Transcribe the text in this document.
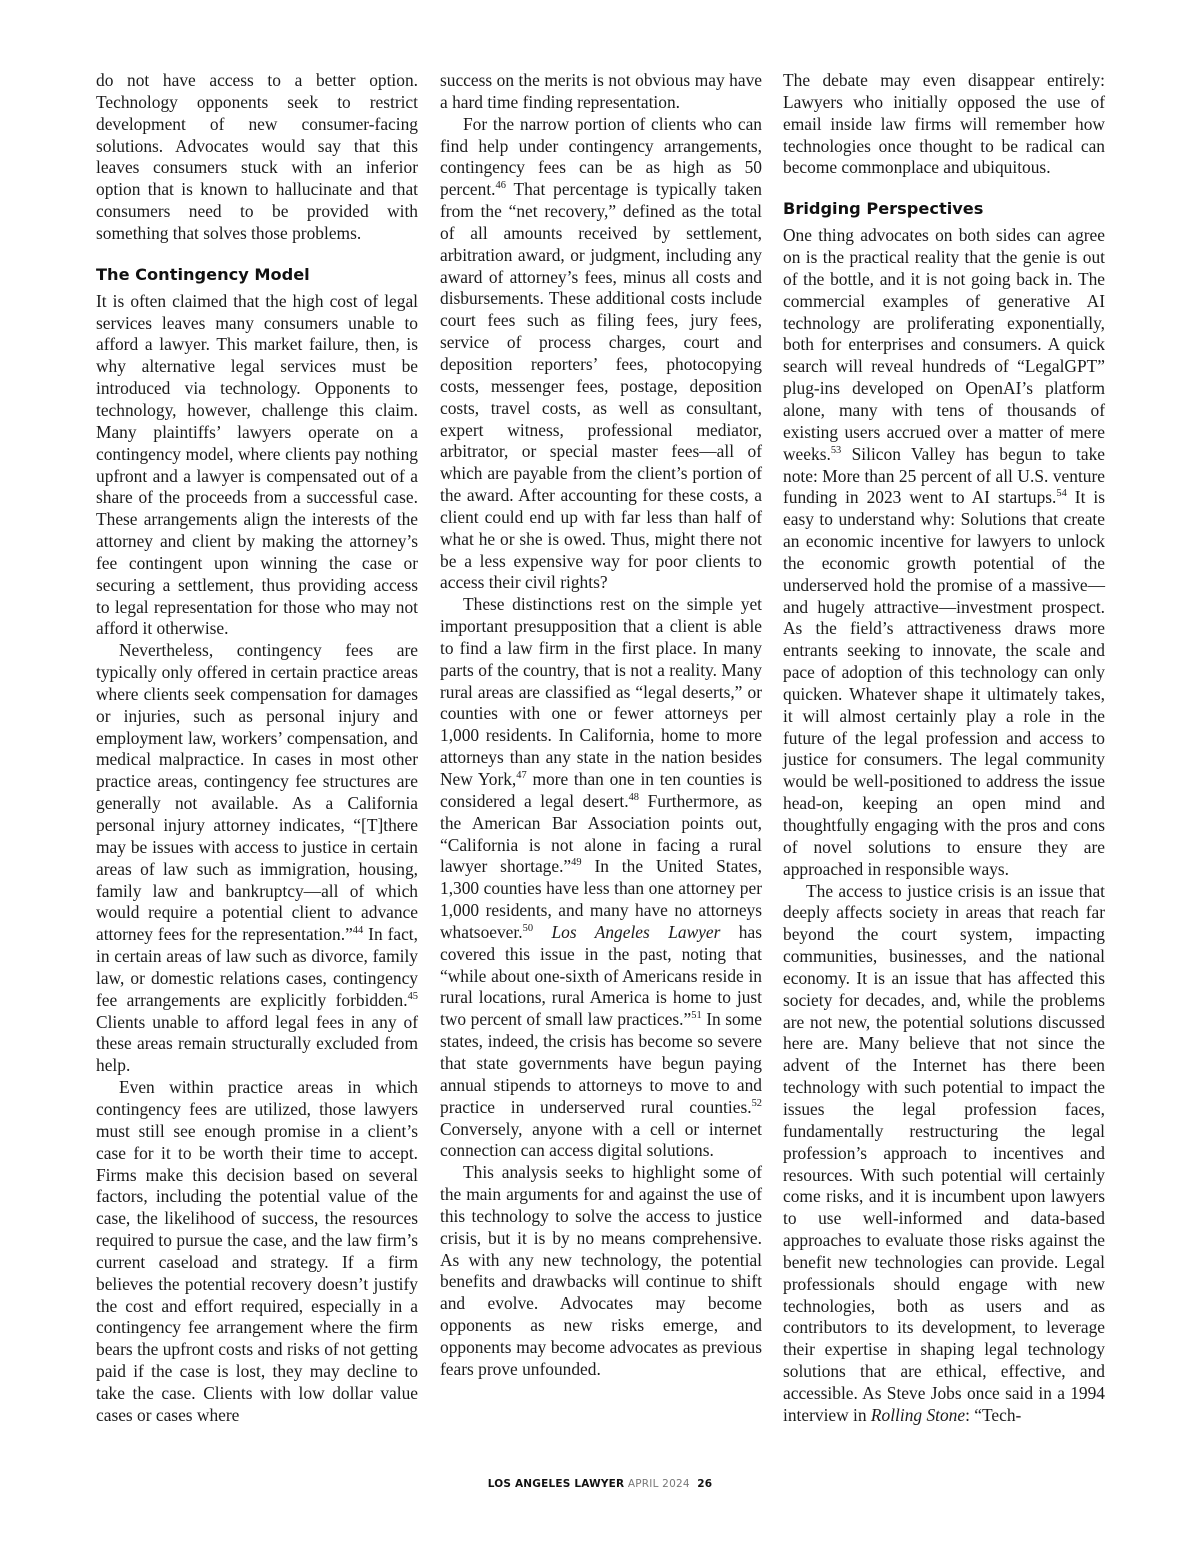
do not have access to a better option. Technology opponents seek to restrict development of new consumer-facing solutions. Advocates would say that this leaves consumers stuck with an inferior option that is known to hallucinate and that consumers need to be provided with something that solves those problems.

The Contingency Model

It is often claimed that the high cost of legal services leaves many consumers unable to afford a lawyer. This market failure, then, is why alternative legal services must be introduced via technology. Opponents to technology, however, challenge this claim. Many plaintiffs’ lawyers operate on a contingency model, where clients pay nothing upfront and a lawyer is compensated out of a share of the proceeds from a successful case. These arrangements align the interests of the attorney and client by making the attorney’s fee contingent upon winning the case or securing a settlement, thus providing access to legal representation for those who may not afford it otherwise.

Nevertheless, contingency fees are typically only offered in certain practice areas where clients seek compensation for damages or injuries, such as personal injury and employment law, workers’ compensation, and medical malpractice. In cases in most other practice areas, contingency fee structures are generally not available. As a California personal injury attorney indicates, “[T]there may be issues with access to justice in certain areas of law such as immigration, housing, family law and bankruptcy—all of which would require a potential client to advance attorney fees for the representation.”$^{44}$ In fact, in certain areas of law such as divorce, family law, or domestic relations cases, contingency fee arrangements are explicitly forbidden.$^{45}$ Clients unable to afford legal fees in any of these areas remain structurally excluded from help.

Even within practice areas in which contingency fees are utilized, those lawyers must still see enough promise in a client’s case for it to be worth their time to accept. Firms make this decision based on several factors, including the potential value of the case, the likelihood of success, the resources required to pursue the case, and the law firm’s current caseload and strategy. If a firm believes the potential recovery doesn’t justify the cost and effort required, especially in a contingency fee arrangement where the firm bears the upfront costs and risks of not getting paid if the case is lost, they may decline to take the case. Clients with low dollar value cases or cases where

success on the merits is not obvious may have a hard time finding representation.

For the narrow portion of clients who can find help under contingency arrangements, contingency fees can be as high as 50 percent.$^{46}$ That percentage is typically taken from the “net recovery,” defined as the total of all amounts received by settlement, arbitration award, or judgment, including any award of attorney’s fees, minus all costs and disbursements. These additional costs include court fees such as filing fees, jury fees, service of process charges, court and deposition reporters’ fees, photocopying costs, messenger fees, postage, deposition costs, travel costs, as well as consultant, expert witness, professional mediator, arbitrator, or special master fees—all of which are payable from the client’s portion of the award. After accounting for these costs, a client could end up with far less than half of what he or she is owed. Thus, might there not be a less expensive way for poor clients to access their civil rights?

These distinctions rest on the simple yet important presupposition that a client is able to find a law firm in the first place. In many parts of the country, that is not a reality. Many rural areas are classified as “legal deserts,” or counties with one or fewer attorneys per 1,000 residents. In California, home to more attorneys than any state in the nation besides New York,$^{47}$ more than one in ten counties is considered a legal desert.$^{48}$ Furthermore, as the American Bar Association points out, “California is not alone in facing a rural lawyer shortage.”$^{49}$ In the United States, 1,300 counties have less than one attorney per 1,000 residents, and many have no attorneys whatsoever.$^{50}$ Los Angeles Lawyer has covered this issue in the past, noting that “while about one-sixth of Americans reside in rural locations, rural America is home to just two percent of small law practices.”$^{51}$ In some states, indeed, the crisis has become so severe that state governments have begun paying annual stipends to attorneys to move to and practice in underserved rural counties.$^{52}$ Conversely, anyone with a cell or internet connection can access digital solutions.

This analysis seeks to highlight some of the main arguments for and against the use of this technology to solve the access to justice crisis, but it is by no means comprehensive. As with any new technology, the potential benefits and drawbacks will continue to shift and evolve. Advocates may become opponents as new risks emerge, and opponents may become advocates as previous fears prove unfounded.

The debate may even disappear entirely: Lawyers who initially opposed the use of email inside law firms will remember how technologies once thought to be radical can become commonplace and ubiquitous.

Bridging Perspectives

One thing advocates on both sides can agree on is the practical reality that the genie is out of the bottle, and it is not going back in. The commercial examples of generative AI technology are proliferating exponentially, both for enterprises and consumers. A quick search will reveal hundreds of “LegalGPT” plug-ins developed on OpenAI’s platform alone, many with tens of thousands of existing users accrued over a matter of mere weeks.$^{53}$ Silicon Valley has begun to take note: More than 25 percent of all U.S. venture funding in 2023 went to AI startups.$^{54}$ It is easy to understand why: Solutions that create an economic incentive for lawyers to unlock the economic growth potential of the underserved hold the promise of a massive—and hugely attractive—investment prospect. As the field’s attractiveness draws more entrants seeking to innovate, the scale and pace of adoption of this technology can only quicken. Whatever shape it ultimately takes, it will almost certainly play a role in the future of the legal profession and access to justice for consumers. The legal community would be well-positioned to address the issue head-on, keeping an open mind and thoughtfully engaging with the pros and cons of novel solutions to ensure they are approached in responsible ways.

The access to justice crisis is an issue that deeply affects society in areas that reach far beyond the court system, impacting communities, businesses, and the national economy. It is an issue that has affected this society for decades, and, while the problems are not new, the potential solutions discussed here are. Many believe that not since the advent of the Internet has there been technology with such potential to impact the issues the legal profession faces, fundamentally restructuring the legal profession’s approach to incentives and resources. With such potential will certainly come risks, and it is incumbent upon lawyers to use well-informed and data-based approaches to evaluate those risks against the benefit new technologies can provide. Legal professionals should engage with new technologies, both as users and as contributors to its development, to leverage their expertise in shaping legal technology solutions that are ethical, effective, and accessible. As Steve Jobs once said in a 1994 interview in Rolling Stone: “Tech-

LOS ANGELES LAWYER APRIL 2024 26
